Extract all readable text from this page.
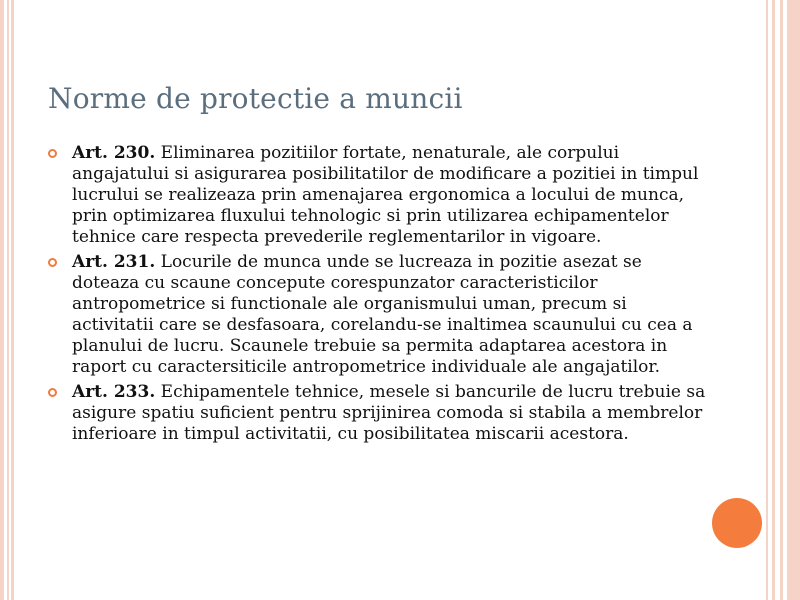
Norme de protectie a muncii
Art. 230. Eliminarea pozitiilor fortate, nenaturale, ale corpului angajatului si asigurarea posibilitatilor de modificare a pozitiei in timpul lucrului se realizeaza prin amenajarea ergonomica a locului de munca, prin optimizarea fluxului tehnologic si prin utilizarea echipamentelor tehnice care respecta prevederile reglementarilor in vigoare.
Art. 231. Locurile de munca unde se lucreaza in pozitie asezat se doteaza cu scaune concepute corespunzator caracteristicilor antropometrice si functionale ale organismului uman, precum si activitatii care se desfasoara, corelandu-se inaltimea scaunului cu cea a planului de lucru. Scaunele trebuie sa permita adaptarea acestora in raport cu caractersiticile antropometrice individuale ale angajatilor.
Art. 233. Echipamentele tehnice, mesele si bancurile de lucru trebuie sa asigure spatiu suficient pentru sprijinirea comoda si stabila a membrelor inferioare in timpul activitatii, cu posibilitatea miscarii acestora.
